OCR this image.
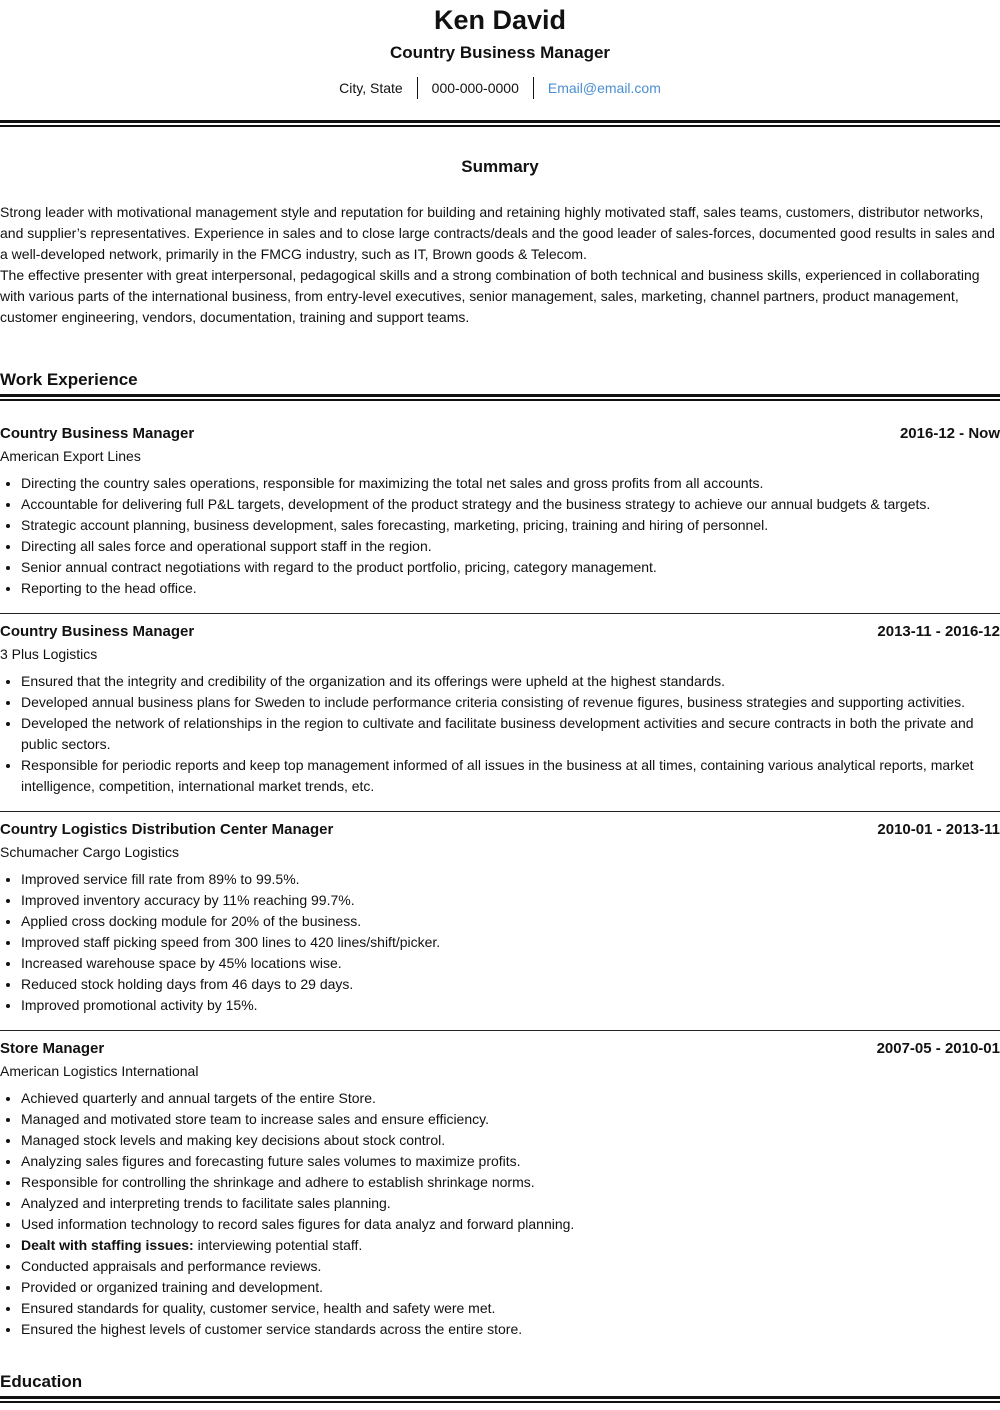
Ken David
Country Business Manager
City, State	000-000-0000	Email@email.com
Summary

Strong leader with motivational management style and reputation for building and retaining highly motivated staff, sales teams, customers, distributor networks, and supplier’s representatives. Experience in sales and to close large contracts/deals and the good leader of sales-forces, documented good results in sales and a well-developed network, primarily in the FMCG industry, such as IT, Brown goods & Telecom.

The effective presenter with great interpersonal, pedagogical skills and a strong combination of both technical and business skills, experienced in collaborating with various parts of the international business, from entry-level executives, senior management, sales, marketing, channel partners, product management, customer engineering, vendors, documentation, training and support teams.

Work Experience
Country Business Manager	2016-12 - Now
American Export Lines
• Directing the country sales operations, responsible for maximizing the total net sales and gross profits from all accounts.
• Accountable for delivering full P&L targets, development of the product strategy and the business strategy to achieve our annual budgets & targets.
• Strategic account planning, business development, sales forecasting, marketing, pricing, training and hiring of personnel.
• Directing all sales force and operational support staff in the region.
• Senior annual contract negotiations with regard to the product portfolio, pricing, category management.
• Reporting to the head office.
Country Business Manager	2013-11 - 2016-12
3 Plus Logistics
• Ensured that the integrity and credibility of the organization and its offerings were upheld at the highest standards.
• Developed annual business plans for Sweden to include performance criteria consisting of revenue figures, business strategies and supporting activities.
• Developed the network of relationships in the region to cultivate and facilitate business development activities and secure contracts in both the private and public sectors.
• Responsible for periodic reports and keep top management informed of all issues in the business at all times, containing various analytical reports, market intelligence, competition, international market trends, etc.
Country Logistics Distribution Center Manager	2010-01 - 2013-11
Schumacher Cargo Logistics
• Improved service fill rate from 89% to 99.5%.
• Improved inventory accuracy by 11% reaching 99.7%.
• Applied cross docking module for 20% of the business.
• Improved staff picking speed from 300 lines to 420 lines/shift/picker.
• Increased warehouse space by 45% locations wise.
• Reduced stock holding days from 46 days to 29 days.
• Improved promotional activity by 15%.
Store Manager	2007-05 - 2010-01
American Logistics International
• Achieved quarterly and annual targets of the entire Store.
• Managed and motivated store team to increase sales and ensure efficiency.
• Managed stock levels and making key decisions about stock control.
• Analyzing sales figures and forecasting future sales volumes to maximize profits.
• Responsible for controlling the shrinkage and adhere to establish shrinkage norms.
• Analyzed and interpreting trends to facilitate sales planning.
• Used information technology to record sales figures for data analyz and forward planning.
• Dealt with staffing issues: interviewing potential staff.
• Conducted appraisals and performance reviews.
• Provided or organized training and development.
• Ensured standards for quality, customer service, health and safety were met.
• Ensured the highest levels of customer service standards across the entire store.
Education
